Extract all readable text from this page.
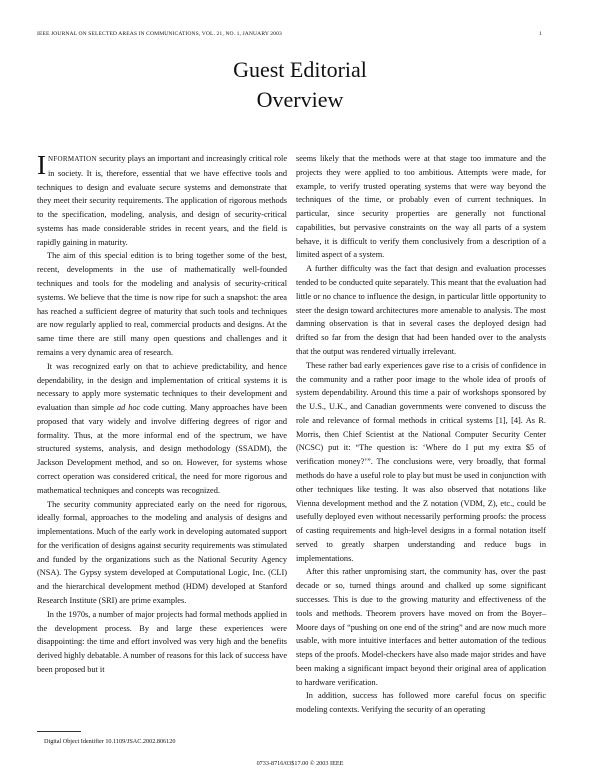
IEEE JOURNAL ON SELECTED AREAS IN COMMUNICATIONS, VOL. 21, NO. 1, JANUARY 2003	1
Guest Editorial
Overview

INFORMATION security plays an important and increasingly critical role in society. It is, therefore, essential that we have effective tools and techniques to design and evaluate secure systems and demonstrate that they meet their security requirements. The application of rigorous methods to the specification, modeling, analysis, and design of security-critical systems has made considerable strides in recent years, and the field is rapidly gaining in maturity.

The aim of this special edition is to bring together some of the best, recent, developments in the use of mathematically well-founded techniques and tools for the modeling and analysis of security-critical systems. We believe that the time is now ripe for such a snapshot: the area has reached a sufficient degree of maturity that such tools and techniques are now regularly applied to real, commercial products and designs. At the same time there are still many open questions and challenges and it remains a very dynamic area of research.

It was recognized early on that to achieve predictability, and hence dependability, in the design and implementation of critical systems it is necessary to apply more systematic techniques to their development and evaluation than simple ad hoc code cutting. Many approaches have been proposed that vary widely and involve differing degrees of rigor and formality. Thus, at the more informal end of the spectrum, we have structured systems, analysis, and design methodology (SSADM), the Jackson Development method, and so on. However, for systems whose correct operation was considered critical, the need for more rigorous and mathematical techniques and concepts was recognized.

The security community appreciated early on the need for rigorous, ideally formal, approaches to the modeling and analysis of designs and implementations. Much of the early work in developing automated support for the verification of designs against security requirements was stimulated and funded by the organizations such as the National Security Agency (NSA). The Gypsy system developed at Computational Logic, Inc. (CLI) and the hierarchical development method (HDM) developed at Stanford Research Institute (SRI) are prime examples.

In the 1970s, a number of major projects had formal methods applied in the development process. By and large these experiences were disappointing: the time and effort involved was very high and the benefits derived highly debatable. A number of reasons for this lack of success have been proposed but it

seems likely that the methods were at that stage too immature and the projects they were applied to too ambitious. Attempts were made, for example, to verify trusted operating systems that were way beyond the techniques of the time, or probably even of current techniques. In particular, since security properties are generally not functional capabilities, but pervasive constraints on the way all parts of a system behave, it is difficult to verify them conclusively from a description of a limited aspect of a system.

A further difficulty was the fact that design and evaluation processes tended to be conducted quite separately. This meant that the evaluation had little or no chance to influence the design, in particular little opportunity to steer the design toward architectures more amenable to analysis. The most damning observation is that in several cases the deployed design had drifted so far from the design that had been handed over to the analysts that the output was rendered virtually irrelevant.

These rather bad early experiences gave rise to a crisis of confidence in the community and a rather poor image to the whole idea of proofs of system dependability. Around this time a pair of workshops sponsored by the U.S., U.K., and Canadian governments were convened to discuss the role and relevance of formal methods in critical systems [1], [4]. As R. Morris, then Chief Scientist at the National Computer Security Center (NCSC) put it: “The question is: ‘Where do I put my extra $5 of verification money?’”. The conclusions were, very broadly, that formal methods do have a useful role to play but must be used in conjunction with other techniques like testing. It was also observed that notations like Vienna development method and the Z notation (VDM, Z), etc., could be usefully deployed even without necessarily performing proofs: the process of casting requirements and high-level designs in a formal notation itself served to greatly sharpen understanding and reduce bugs in implementations.

After this rather unpromising start, the community has, over the past decade or so, turned things around and chalked up some significant successes. This is due to the growing maturity and effectiveness of the tools and methods. Theorem provers have moved on from the Boyer–Moore days of “pushing on one end of the string” and are now much more usable, with more intuitive interfaces and better automation of the tedious steps of the proofs. Model-checkers have also made major strides and have been making a significant impact beyond their original area of application to hardware verification.

In addition, success has followed more careful focus on specific modeling contexts. Verifying the security of an operating

Digital Object Identifier 10.1109/JSAC.2002.806120
0733-8716/03$17.00 © 2003 IEEE
